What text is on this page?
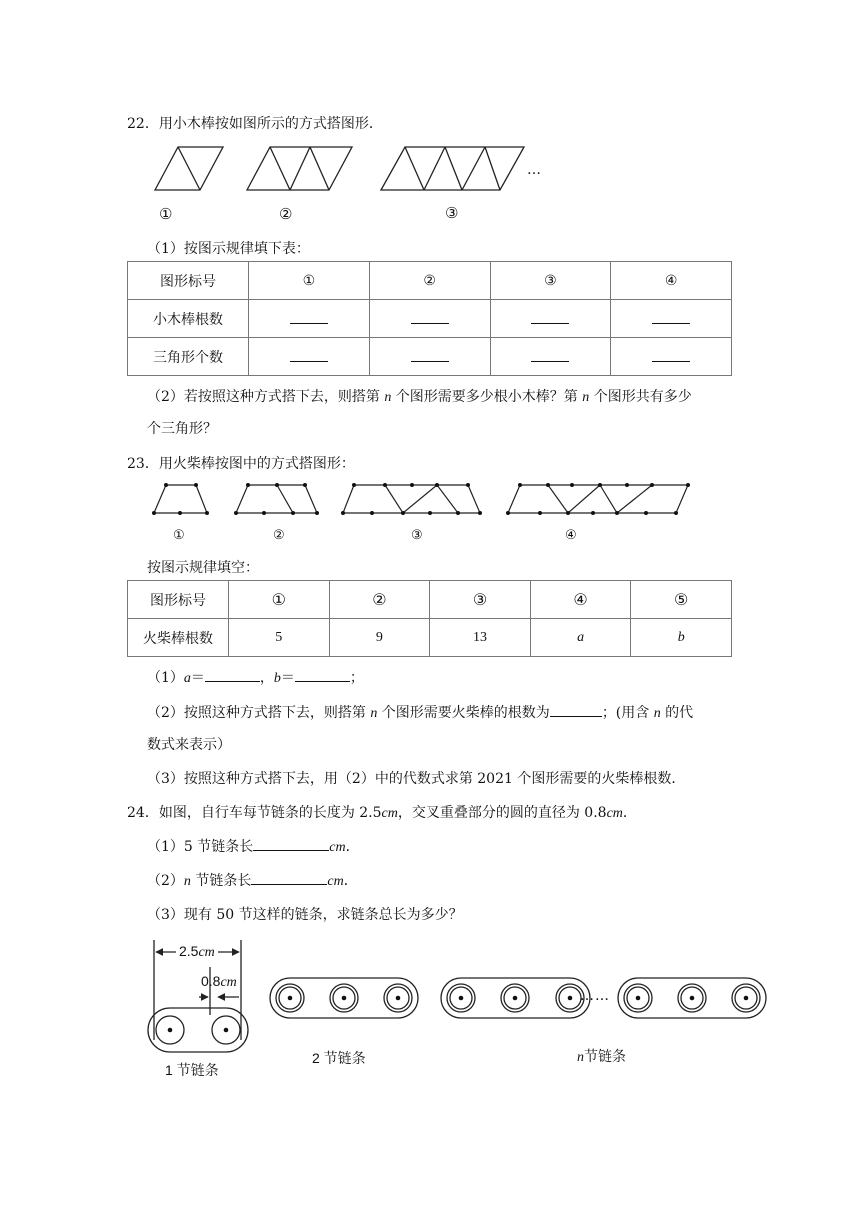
22．用小木棒按如图所示的方式搭图形．
…
①	②	③
（1）按图示规律填下表：
图形标号	①	②	③	④
小木棒根数				
三角形个数				
（2）若按照这种方式搭下去，则搭第 n 个图形需要多少根小木棒？第 n 个图形共有多少
个三角形？
23．用火柴棒按图中的方式搭图形：
①	②	③	④
按图示规律填空：
图形标号	①	②	③	④	⑤
火柴棒根数	5	9	13	a	b
（1）a＝	，b＝	；
（2）按照这种方式搭下去，则搭第 n 个图形需要火柴棒的根数为	；(用含 n 的代
数式来表示）
（3）按照这种方式搭下去，用（2）中的代数式求第 2021 个图形需要的火柴棒根数．
24．如图，自行车每节链条的长度为 2.5cm，交叉重叠部分的圆的直径为 0.8cm．
（1）5 节链条长	cm．
（2）n 节链条长	cm．
（3）现有 50 节这样的链条，求链条总长为多少？
2.5cm
0.8cm
……
1 节链条
2 节链条	n节链条
